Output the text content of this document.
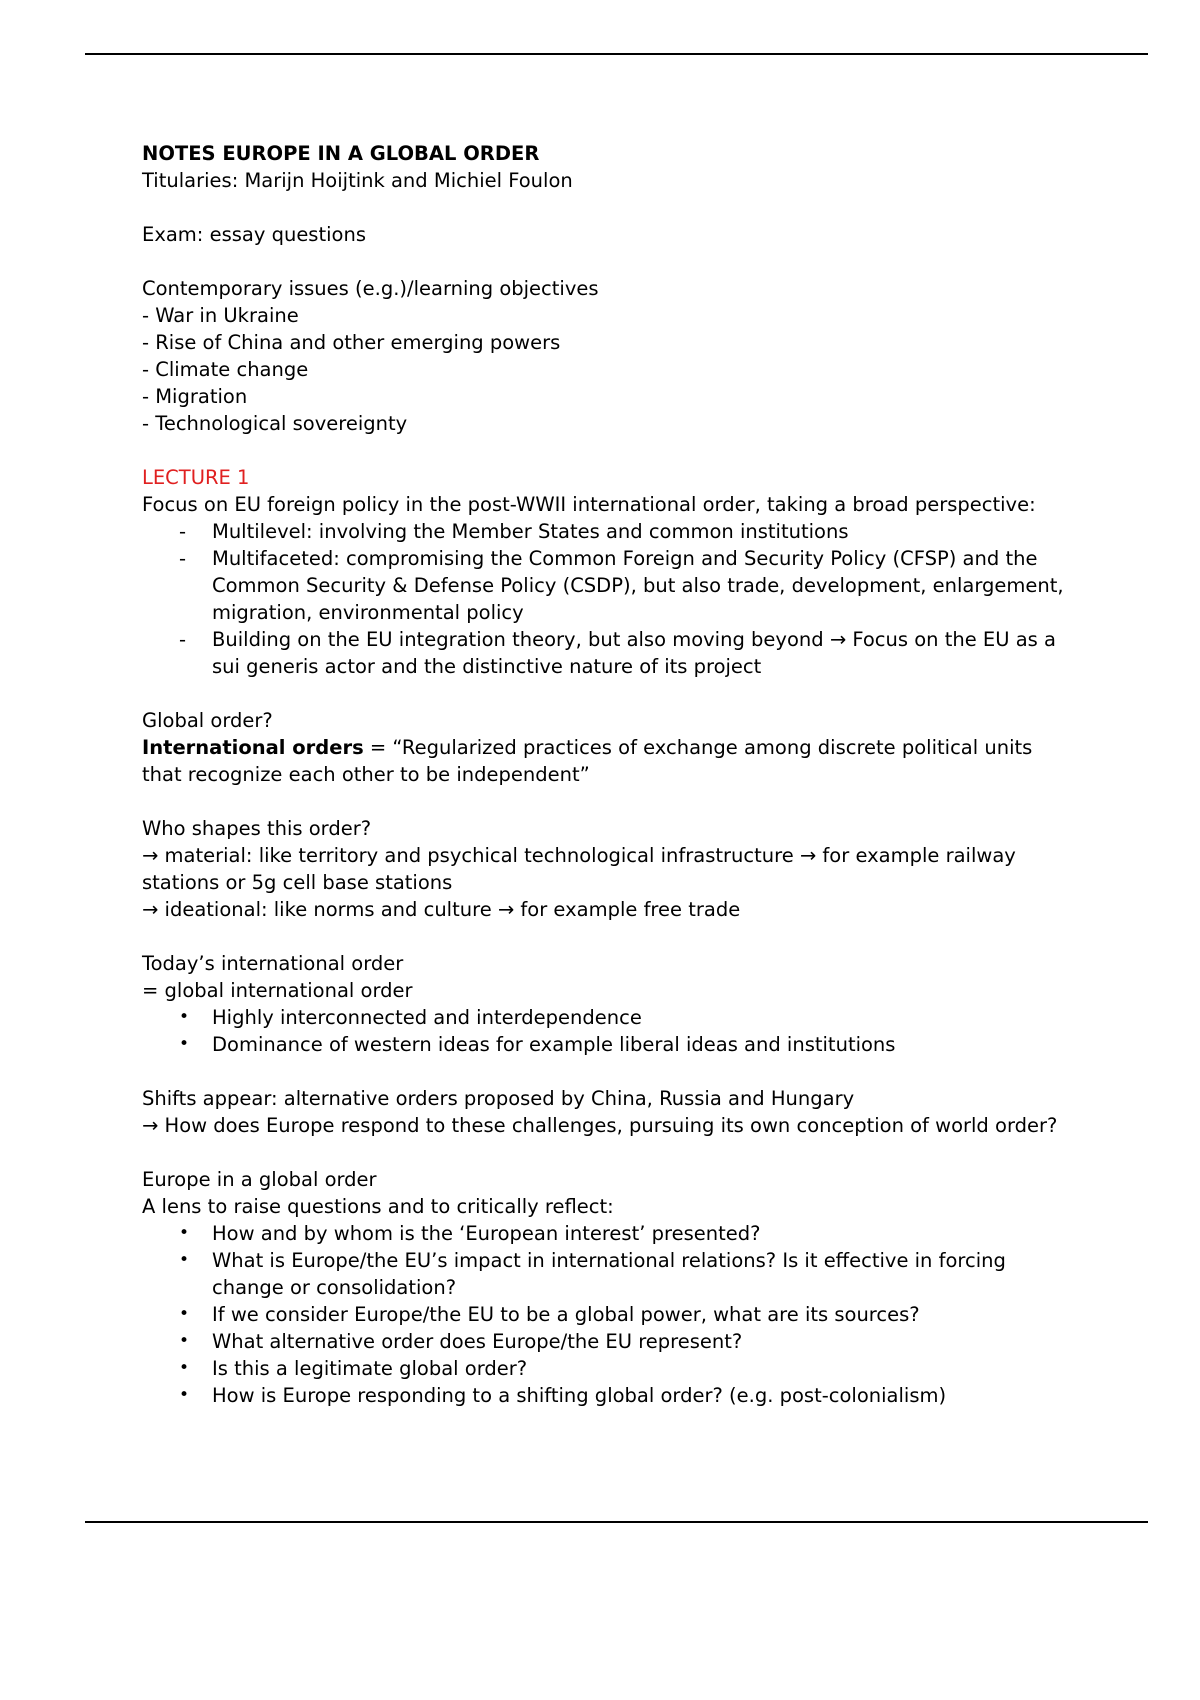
NOTES EUROPE IN A GLOBAL ORDER
Titularies: Marijn Hoijtink and Michiel Foulon
Exam: essay questions
Contemporary issues (e.g.)/learning objectives
- War in Ukraine
- Rise of China and other emerging powers
- Climate change
- Migration
- Technological sovereignty
LECTURE 1
Focus on EU foreign policy in the post-WWII international order, taking a broad perspective:
- Multilevel: involving the Member States and common institutions
- Multifaceted: compromising the Common Foreign and Security Policy (CFSP) and the Common Security & Defense Policy (CSDP), but also trade, development, enlargement, migration, environmental policy
- Building on the EU integration theory, but also moving beyond → Focus on the EU as a sui generis actor and the distinctive nature of its project
Global order?
International orders = “Regularized practices of exchange among discrete political units that recognize each other to be independent”
Who shapes this order?
→ material: like territory and psychical technological infrastructure → for example railway stations or 5g cell base stations
→ ideational: like norms and culture → for example free trade
Today’s international order
= global international order
• Highly interconnected and interdependence
• Dominance of western ideas for example liberal ideas and institutions
Shifts appear: alternative orders proposed by China, Russia and Hungary
→ How does Europe respond to these challenges, pursuing its own conception of world order?
Europe in a global order
A lens to raise questions and to critically reflect:
• How and by whom is the ‘European interest’ presented?
• What is Europe/the EU’s impact in international relations? Is it effective in forcing change or consolidation?
• If we consider Europe/the EU to be a global power, what are its sources?
• What alternative order does Europe/the EU represent?
• Is this a legitimate global order?
• How is Europe responding to a shifting global order? (e.g. post-colonialism)
